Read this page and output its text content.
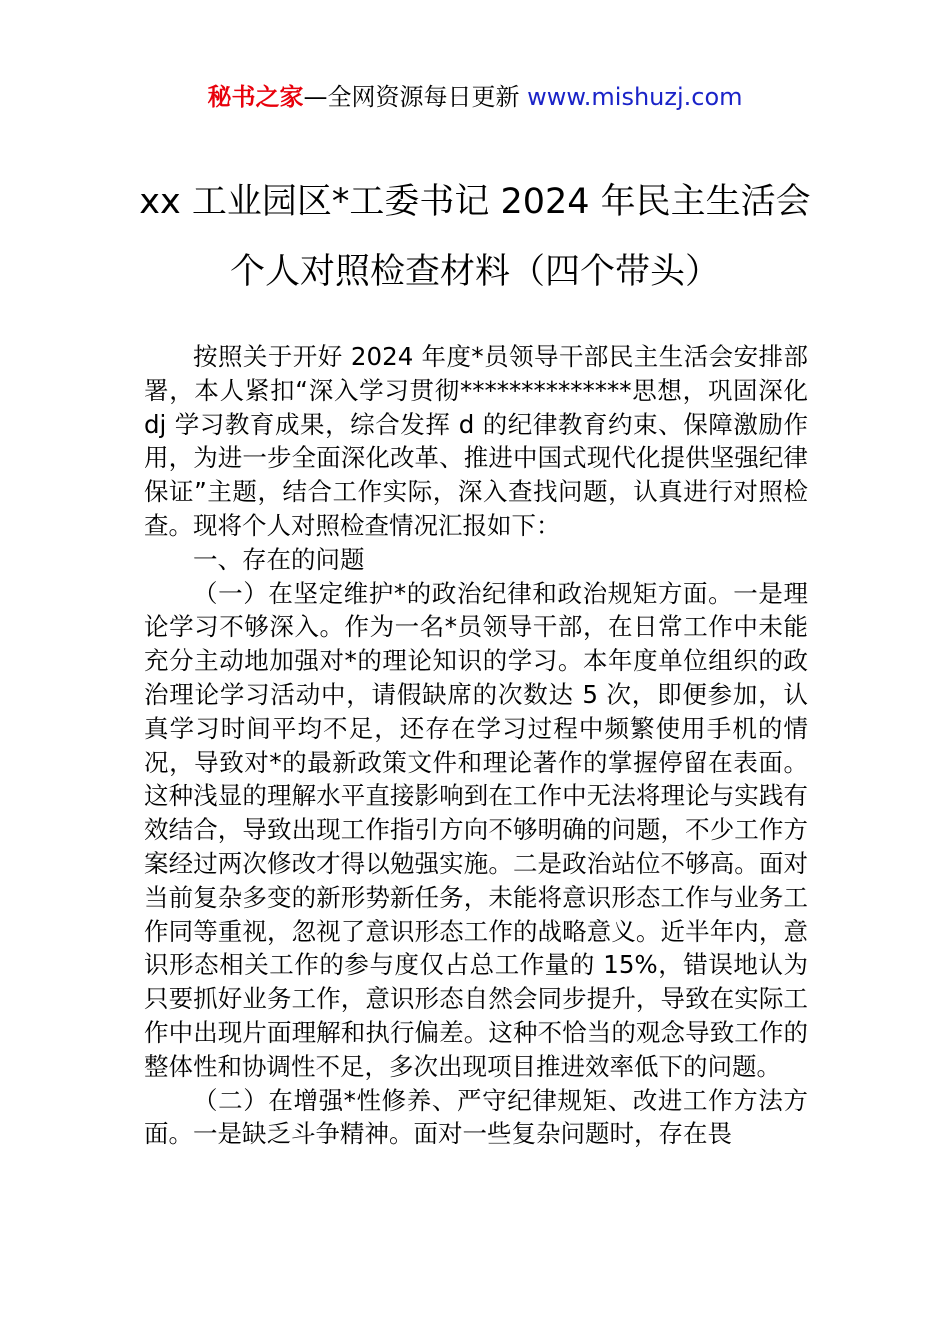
秘书之家—全网资源每日更新 www.mishuzj.com
xx 工业园区*工委书记 2024 年民主生活会
个人对照检查材料（四个带头）

按照关于开好 2024 年度*员领导干部民主生活会安排部署，本人紧扣“深入学习贯彻**************思想，巩固深化 dj 学习教育成果，综合发挥 d 的纪律教育约束、保障激励作用，为进一步全面深化改革、推进中国式现代化提供坚强纪律保证”主题，结合工作实际，深入查找问题，认真进行对照检查。现将个人对照检查情况汇报如下：

一、存在的问题

（一）在坚定维护*的政治纪律和政治规矩方面。一是理论学习不够深入。作为一名*员领导干部，在日常工作中未能充分主动地加强对*的理论知识的学习。本年度单位组织的政治理论学习活动中，请假缺席的次数达 5 次，即便参加，认真学习时间平均不足，还存在学习过程中频繁使用手机的情况，导致对*的最新政策文件和理论著作的掌握停留在表面。这种浅显的理解水平直接影响到在工作中无法将理论与实践有效结合，导致出现工作指引方向不够明确的问题，不少工作方案经过两次修改才得以勉强实施。二是政治站位不够高。面对当前复杂多变的新形势新任务，未能将意识形态工作与业务工作同等重视，忽视了意识形态工作的战略意义。近半年内，意识形态相关工作的参与度仅占总工作量的 15%，错误地认为只要抓好业务工作，意识形态自然会同步提升，导致在实际工作中出现片面理解和执行偏差。这种不恰当的观念导致工作的整体性和协调性不足，多次出现项目推进效率低下的问题。

（二）在增强*性修养、严守纪律规矩、改进工作方法方面。一是缺乏斗争精神。面对一些复杂问题时，存在畏
